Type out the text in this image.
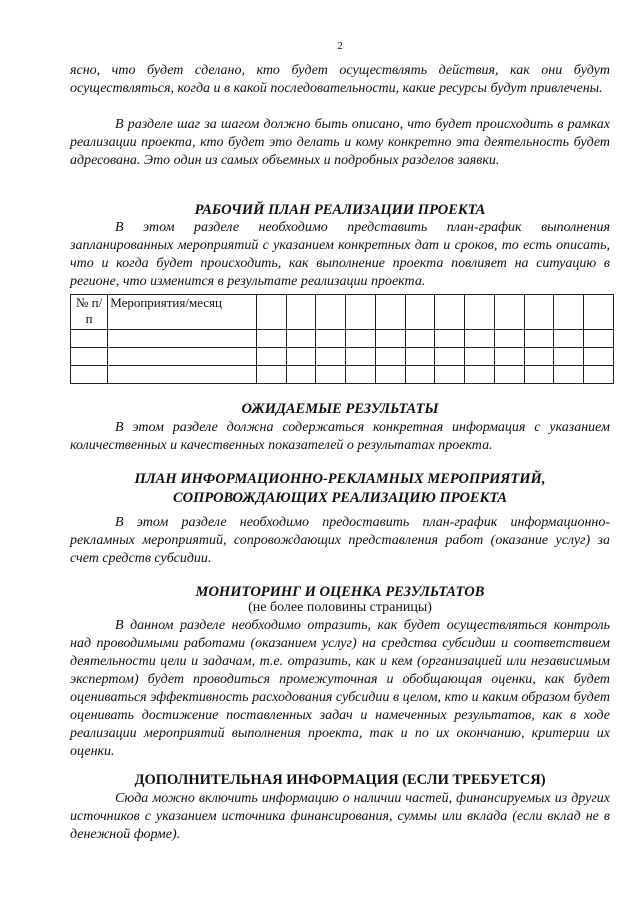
2

ясно, что будет сделано, кто будет осуществлять действия, как они будут осуществляться, когда и в какой последовательности, какие ресурсы будут привлечены.

В разделе шаг за шагом должно быть описано, что будет происходить в рамках реализации проекта, кто будет это делать и кому конкретно эта деятельность будет адресована. Это один из самых объемных и подробных разделов заявки.

РАБОЧИЙ ПЛАН РЕАЛИЗАЦИИ ПРОЕКТА

В этом разделе необходимо представить план-график выполнения запланированных мероприятий с указанием конкретных дат и сроков, то есть описать, что и когда будет происходить, как выполнение проекта повлияет на ситуацию в регионе, что изменится в результате реализации проекта.

№ п/п	Мероприятия/месяц												

ОЖИДАЕМЫЕ РЕЗУЛЬТАТЫ

В этом разделе должна содержаться конкретная информация с указанием количественных и качественных показателей о результатах проекта.

ПЛАН ИНФОРМАЦИОННО-РЕКЛАМНЫХ МЕРОПРИЯТИЙ,
СОПРОВОЖДАЮЩИХ РЕАЛИЗАЦИЮ ПРОЕКТА

В этом разделе необходимо предоставить план-график информационно-рекламных мероприятий, сопровождающих представления работ (оказание услуг) за счет средств субсидии.

МОНИТОРИНГ И ОЦЕНКА РЕЗУЛЬТАТОВ
(не более половины страницы)

В данном разделе необходимо отразить, как будет осуществляться контроль над проводимыми работами (оказанием услуг) на средства субсидии и соответствием деятельности цели и задачам, т.е. отразить, как и кем (организацией или независимым экспертом) будет проводиться промежуточная и обобщающая оценки, как будет оцениваться эффективность расходования субсидии в целом, кто и каким образом будет оценивать достижение поставленных задач и намеченных результатов, как в ходе реализации мероприятий выполнения проекта, так и по их окончанию, критерии их оценки.

ДОПОЛНИТЕЛЬНАЯ ИНФОРМАЦИЯ (ЕСЛИ ТРЕБУЕТСЯ)

Сюда можно включить информацию о наличии частей, финансируемых из других источников с указанием источника финансирования, суммы или вклада (если вклад не в денежной форме).
